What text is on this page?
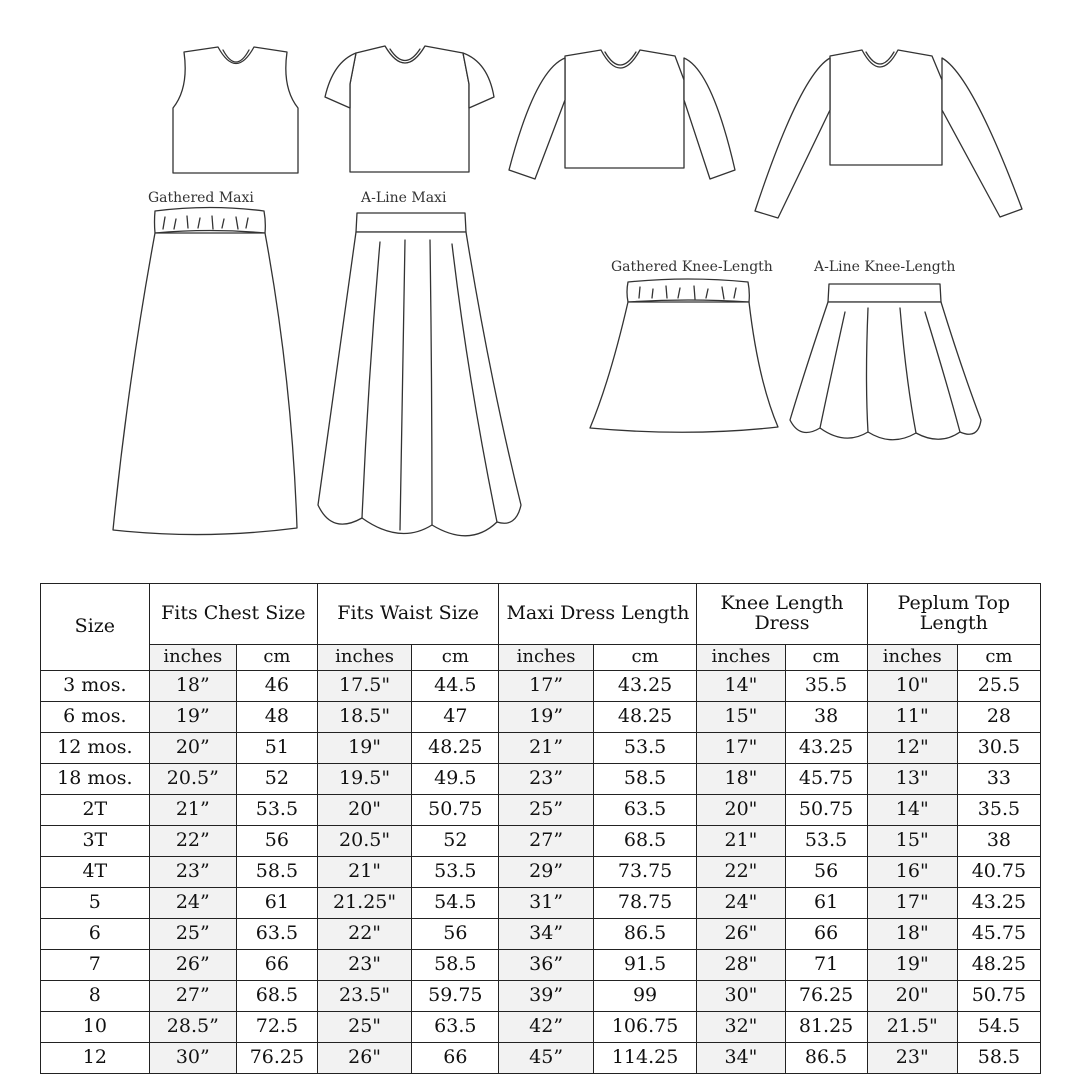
Gathered Maxi	A-Line Maxi
Gathered Knee-Length	A-Line Knee-Length
Size	Fits Chest Size		Fits Waist Size		Maxi Dress Length		Knee Length Dress		Peplum Top Length	
	inches	cm	inches	cm	inches	cm	inches	cm	inches	cm
3 mos.	18”	46	17.5"	44.5	17”	43.25	14"	35.5	10"	25.5
6 mos.	19”	48	18.5"	47	19”	48.25	15"	38	11"	28
12 mos.	20”	51	19"	48.25	21”	53.5	17"	43.25	12"	30.5
18 mos.	20.5”	52	19.5"	49.5	23”	58.5	18"	45.75	13"	33
2T	21”	53.5	20"	50.75	25”	63.5	20"	50.75	14"	35.5
3T	22”	56	20.5"	52	27”	68.5	21"	53.5	15"	38
4T	23”	58.5	21"	53.5	29”	73.75	22"	56	16"	40.75
5	24”	61	21.25"	54.5	31”	78.75	24"	61	17"	43.25
6	25”	63.5	22"	56	34”	86.5	26"	66	18"	45.75
7	26”	66	23"	58.5	36”	91.5	28"	71	19"	48.25
8	27”	68.5	23.5"	59.75	39”	99	30"	76.25	20"	50.75
10	28.5”	72.5	25"	63.5	42”	106.75	32"	81.25	21.5"	54.5
12	30”	76.25	26"	66	45”	114.25	34"	86.5	23"	58.5
